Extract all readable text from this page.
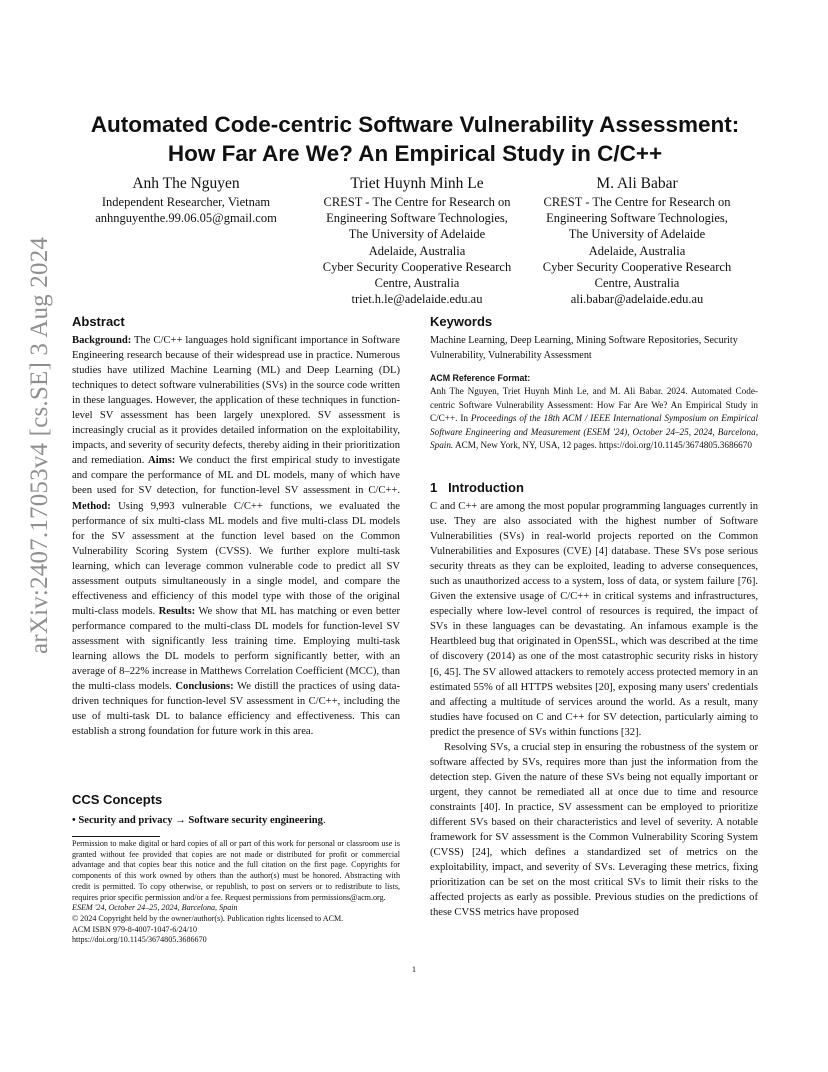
arXiv:2407.17053v4 [cs.SE] 3 Aug 2024
Automated Code-centric Software Vulnerability Assessment:
How Far Are We? An Empirical Study in C/C++
Anh The Nguyen
Independent Researcher, Vietnam
anhnguyenthe.99.06.05@gmail.com
Triet Huynh Minh Le
CREST - The Centre for Research on
Engineering Software Technologies,
The University of Adelaide
Adelaide, Australia
Cyber Security Cooperative Research
Centre, Australia
triet.h.le@adelaide.edu.au
M. Ali Babar
CREST - The Centre for Research on
Engineering Software Technologies,
The University of Adelaide
Adelaide, Australia
Cyber Security Cooperative Research
Centre, Australia
ali.babar@adelaide.edu.au
Abstract

Background: The C/C++ languages hold significant importance in Software Engineering research because of their widespread use in practice. Numerous studies have utilized Machine Learning (ML) and Deep Learning (DL) techniques to detect software vulnerabilities (SVs) in the source code written in these languages. However, the application of these techniques in function-level SV assessment has been largely unexplored. SV assessment is increasingly crucial as it provides detailed information on the exploitability, impacts, and severity of security defects, thereby aiding in their prioritization and remediation. Aims: We conduct the first empirical study to investigate and compare the performance of ML and DL models, many of which have been used for SV detection, for function-level SV assessment in C/C++. Method: Using 9,993 vulnerable C/C++ functions, we evaluated the performance of six multi-class ML models and five multi-class DL models for the SV assessment at the function level based on the Common Vulnerability Scoring System (CVSS). We further explore multi-task learning, which can leverage common vulnerable code to predict all SV assessment outputs simultaneously in a single model, and compare the effectiveness and efficiency of this model type with those of the original multi-class models. Results: We show that ML has matching or even better performance compared to the multi-class DL models for function-level SV assessment with significantly less training time. Employing multi-task learning allows the DL models to perform significantly better, with an average of 8–22% increase in Matthews Correlation Coefficient (MCC), than the multi-class models. Conclusions: We distill the practices of using data-driven techniques for function-level SV assessment in C/C++, including the use of multi-task DL to balance efficiency and effectiveness. This can establish a strong foundation for future work in this area.

CCS Concepts

• Security and privacy → Software security engineering.

Permission to make digital or hard copies of all or part of this work for personal or classroom use is granted without fee provided that copies are not made or distributed for profit or commercial advantage and that copies bear this notice and the full citation on the first page. Copyrights for components of this work owned by others than the author(s) must be honored. Abstracting with credit is permitted. To copy otherwise, or republish, to post on servers or to redistribute to lists, requires prior specific permission and/or a fee. Request permissions from permissions@acm.org.

ESEM '24, October 24–25, 2024, Barcelona, Spain

© 2024 Copyright held by the owner/author(s). Publication rights licensed to ACM.

ACM ISBN 979-8-4007-1047-6/24/10

https://doi.org/10.1145/3674805.3686670

Keywords

Machine Learning, Deep Learning, Mining Software Repositories, Security Vulnerability, Vulnerability Assessment

ACM Reference Format:

Anh The Nguyen, Triet Huynh Minh Le, and M. Ali Babar. 2024. Automated Code-centric Software Vulnerability Assessment: How Far Are We? An Empirical Study in C/C++. In Proceedings of the 18th ACM / IEEE International Symposium on Empirical Software Engineering and Measurement (ESEM '24), October 24–25, 2024, Barcelona, Spain. ACM, New York, NY, USA, 12 pages. https://doi.org/10.1145/3674805.3686670

1   Introduction

C and C++ are among the most popular programming languages currently in use. They are also associated with the highest number of Software Vulnerabilities (SVs) in real-world projects reported on the Common Vulnerabilities and Exposures (CVE) [4] database. These SVs pose serious security threats as they can be exploited, leading to adverse consequences, such as unauthorized access to a system, loss of data, or system failure [76]. Given the extensive usage of C/C++ in critical systems and infrastructures, especially where low-level control of resources is required, the impact of SVs in these languages can be devastating. An infamous example is the Heartbleed bug that originated in OpenSSL, which was described at the time of discovery (2014) as one of the most catastrophic security risks in history [6, 45]. The SV allowed attackers to remotely access protected memory in an estimated 55% of all HTTPS websites [20], exposing many users' credentials and affecting a multitude of services around the world. As a result, many studies have focused on C and C++ for SV detection, particularly aiming to predict the presence of SVs within functions [32].

Resolving SVs, a crucial step in ensuring the robustness of the system or software affected by SVs, requires more than just the information from the detection step. Given the nature of these SVs being not equally important or urgent, they cannot be remediated all at once due to time and resource constraints [40]. In practice, SV assessment can be employed to prioritize different SVs based on their characteristics and level of severity. A notable framework for SV assessment is the Common Vulnerability Scoring System (CVSS) [24], which defines a standardized set of metrics on the exploitability, impact, and severity of SVs. Leveraging these metrics, fixing prioritization can be set on the most critical SVs to limit their risks to the affected projects as early as possible. Previous studies on the predictions of these CVSS metrics have proposed

1
